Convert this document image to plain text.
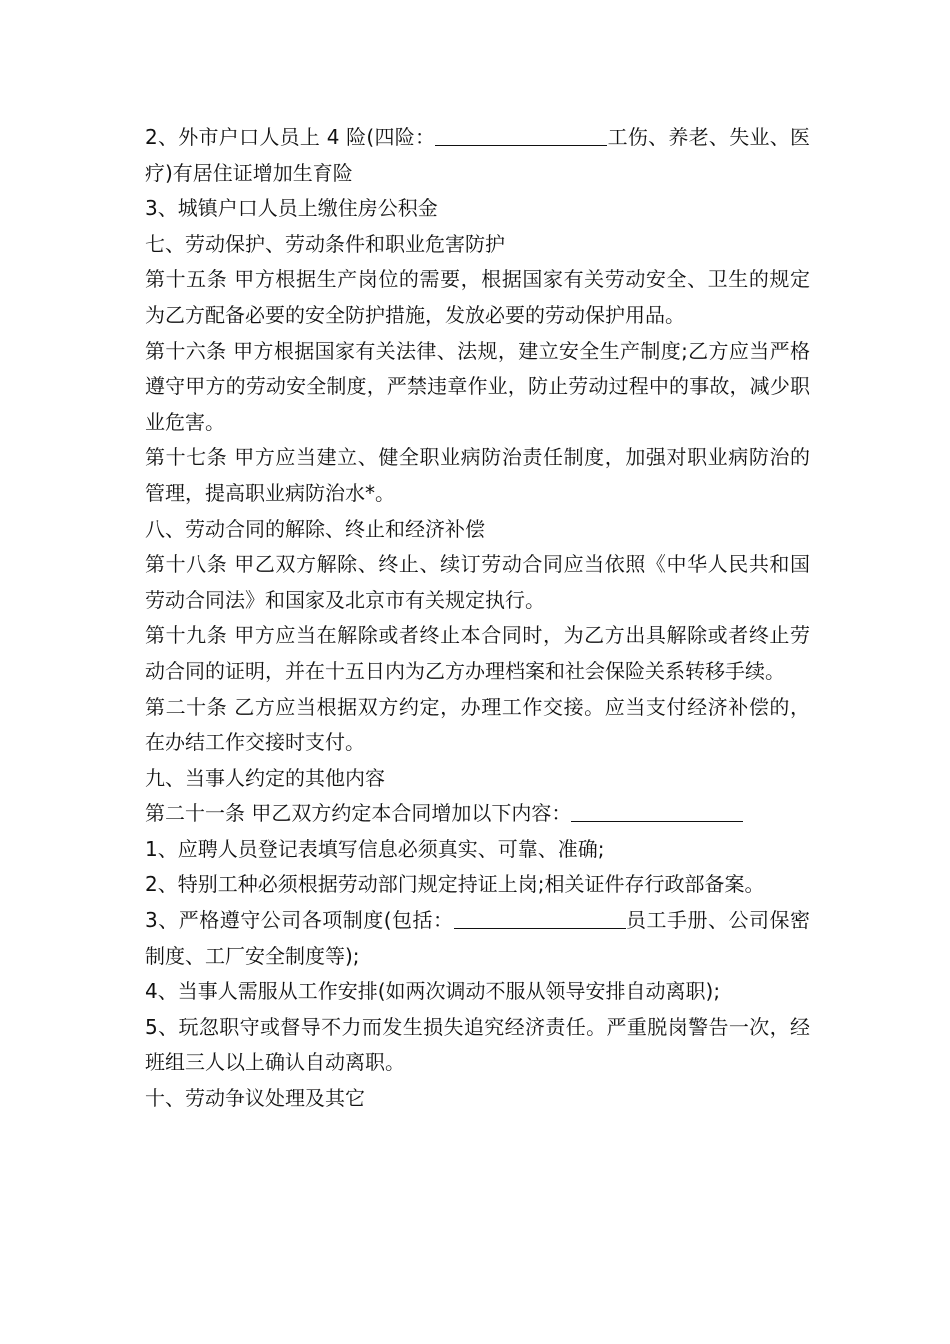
2、外市户口人员上 4 险(四险：	工伤、养老、失业、医疗)有居住证增加生育险

3、城镇户口人员上缴住房公积金

七、劳动保护、劳动条件和职业危害防护

第十五条 甲方根据生产岗位的需要，根据国家有关劳动安全、卫生的规定为乙方配备必要的安全防护措施，发放必要的劳动保护用品。

第十六条 甲方根据国家有关法律、法规，建立安全生产制度;乙方应当严格遵守甲方的劳动安全制度，严禁违章作业，防止劳动过程中的事故，减少职业危害。

第十七条 甲方应当建立、健全职业病防治责任制度，加强对职业病防治的管理，提高职业病防治水*。

八、劳动合同的解除、终止和经济补偿

第十八条 甲乙双方解除、终止、续订劳动合同应当依照《中华人民共和国劳动合同法》和国家及北京市有关规定执行。

第十九条 甲方应当在解除或者终止本合同时，为乙方出具解除或者终止劳动合同的证明，并在十五日内为乙方办理档案和社会保险关系转移手续。

第二十条 乙方应当根据双方约定，办理工作交接。应当支付经济补偿的，在办结工作交接时支付。

九、当事人约定的其他内容

第二十一条 甲乙双方约定本合同增加以下内容：

1、应聘人员登记表填写信息必须真实、可靠、准确;

2、特别工种必须根据劳动部门规定持证上岗;相关证件存行政部备案。

3、严格遵守公司各项制度(包括：	员工手册、公司保密制度、工厂安全制度等);

4、当事人需服从工作安排(如两次调动不服从领导安排自动离职);

5、玩忽职守或督导不力而发生损失追究经济责任。严重脱岗警告一次，经班组三人以上确认自动离职。

十、劳动争议处理及其它
